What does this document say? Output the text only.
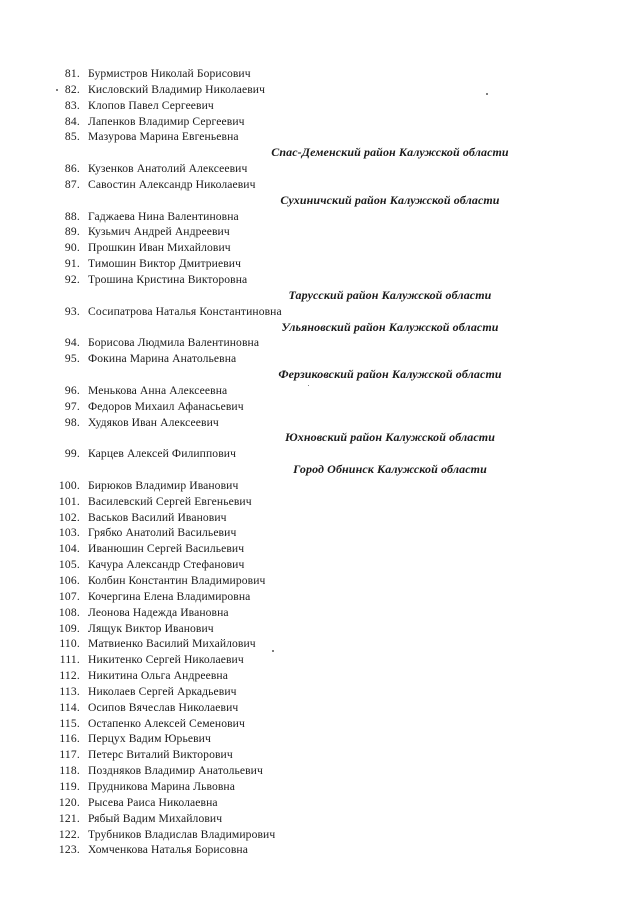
81. Бурмистров Николай Борисович
82. Кисловский Владимир Николаевич
83. Клопов Павел Сергеевич
84. Лапенков Владимир Сергеевич
85. Мазурова Марина Евгеньевна
Спас-Деменский район Калужской области
86. Кузенков Анатолий Алексеевич
87. Савостин Александр Николаевич
Сухиничский район Калужской области
88. Гаджаева Нина Валентиновна
89. Кузьмич Андрей Андреевич
90. Прошкин Иван Михайлович
91. Тимошин Виктор Дмитриевич
92. Трошина Кристина Викторовна
Тарусский район Калужской области
93. Сосипатрова Наталья Константиновна
Ульяновский район Калужской области
94. Борисова Людмила Валентиновна
95. Фокина Марина Анатольевна
Ферзиковский район Калужской области
96. Менькова Анна Алексеевна
97. Федоров Михаил Афанасьевич
98. Худяков Иван Алексеевич
Юхновский район Калужской области
99. Карцев Алексей Филиппович
Город Обнинск Калужской области
100. Бирюков Владимир Иванович
101. Василевский Сергей Евгеньевич
102. Васьков Василий Иванович
103. Грябко Анатолий Васильевич
104. Иванюшин Сергей Васильевич
105. Качура Александр Стефанович
106. Колбин Константин Владимирович
107. Кочергина Елена Владимировна
108. Леонова Надежда Ивановна
109. Лящук Виктор Иванович
110. Матвиенко Василий Михайлович
111. Никитенко Сергей Николаевич
112. Никитина Ольга Андреевна
113. Николаев Сергей Аркадьевич
114. Осипов Вячеслав Николаевич
115. Остапенко Алексей Семенович
116. Перцух Вадим Юрьевич
117. Петерс Виталий Викторович
118. Поздняков Владимир Анатольевич
119. Прудникова Марина Львовна
120. Рысева Раиса Николаевна
121. Рябый Вадим Михайлович
122. Трубников Владислав Владимирович
123. Хомченкова Наталья Борисовна
